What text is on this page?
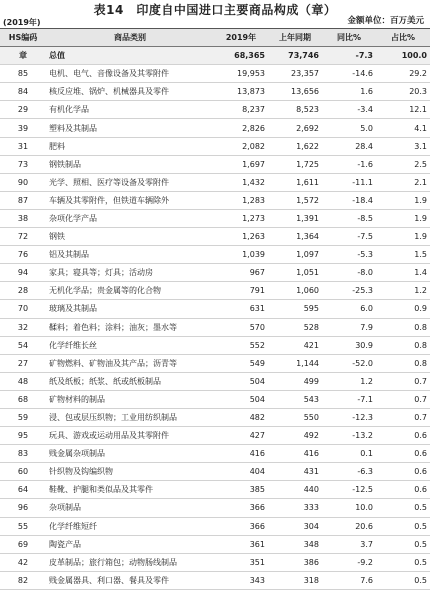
表14　印度自中国进口主要商品构成（章）
(2019年)	金额单位：百万美元
HS编码	商品类别	2019年	上年同期	同比%	占比%
章	总值	68,365	73,746	-7.3	100.0
85	电机、电气、音像设备及其零附件	19,953	23,357	-14.6	29.2
84	核反应堆、锅炉、机械器具及零件	13,873	13,656	1.6	20.3
29	有机化学品	8,237	8,523	-3.4	12.1
39	塑料及其制品	2,826	2,692	5.0	4.1
31	肥料	2,082	1,622	28.4	3.1
73	钢铁制品	1,697	1,725	-1.6	2.5
90	光学、照相、医疗等设备及零附件	1,432	1,611	-11.1	2.1
87	车辆及其零附件，但铁道车辆除外	1,283	1,572	-18.4	1.9
38	杂项化学产品	1,273	1,391	-8.5	1.9
72	钢铁	1,263	1,364	-7.5	1.9
76	铝及其制品	1,039	1,097	-5.3	1.5
94	家具；寝具等；灯具；活动房	967	1,051	-8.0	1.4
28	无机化学品；贵金属等的化合物	791	1,060	-25.3	1.2
70	玻璃及其制品	631	595	6.0	0.9
32	鞣料；着色料；涂料；油灰；墨水等	570	528	7.9	0.8
54	化学纤维长丝	552	421	30.9	0.8
27	矿物燃料、矿物油及其产品；沥青等	549	1,144	-52.0	0.8
48	纸及纸板；纸浆、纸或纸板制品	504	499	1.2	0.7
68	矿物材料的制品	504	543	-7.1	0.7
59	浸、包或层压织物；工业用纺织制品	482	550	-12.3	0.7
95	玩具、游戏或运动用品及其零附件	427	492	-13.2	0.6
83	贱金属杂项制品	416	416	0.1	0.6
60	针织物及钩编织物	404	431	-6.3	0.6
64	鞋靴、护腿和类似品及其零件	385	440	-12.5	0.6
96	杂项制品	366	333	10.0	0.5
55	化学纤维短纤	366	304	20.6	0.5
69	陶瓷产品	361	348	3.7	0.5
42	皮革制品；旅行箱包；动物肠线制品	351	386	-9.2	0.5
82	贱金属器具、利口器、餐具及零件	343	318	7.6	0.5
